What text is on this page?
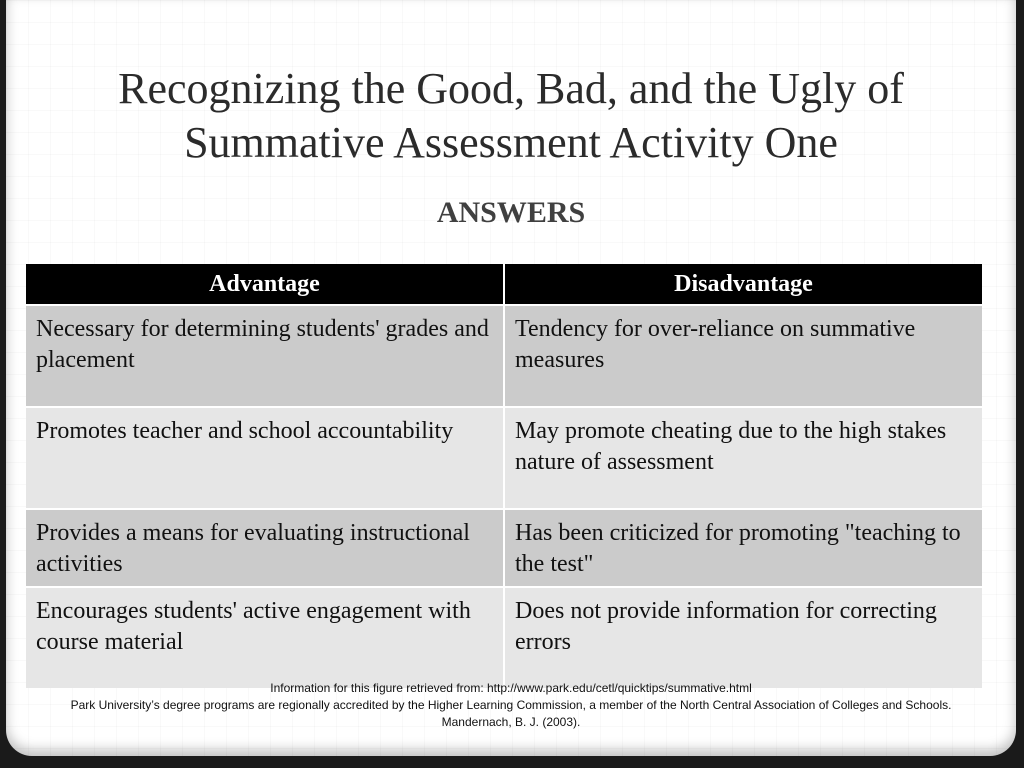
Recognizing the Good, Bad, and the Ugly of
Summative Assessment Activity One
ANSWERS
Advantage	Disadvantage
Necessary for determining students' grades and placement	Tendency for over-reliance on summative measures
Promotes teacher and school accountability	May promote cheating due to the high stakes nature of assessment
Provides a means for evaluating instructional activities	Has been criticized for promoting "teaching to the test"
Encourages students' active engagement with course material	Does not provide information for correcting errors
Information for this figure retrieved from: http://www.park.edu/cetl/quicktips/summative.html
Park University’s degree programs are regionally accredited by the Higher Learning Commission, a member of the North Central Association of Colleges and Schools.
Mandernach, B. J. (2003).
